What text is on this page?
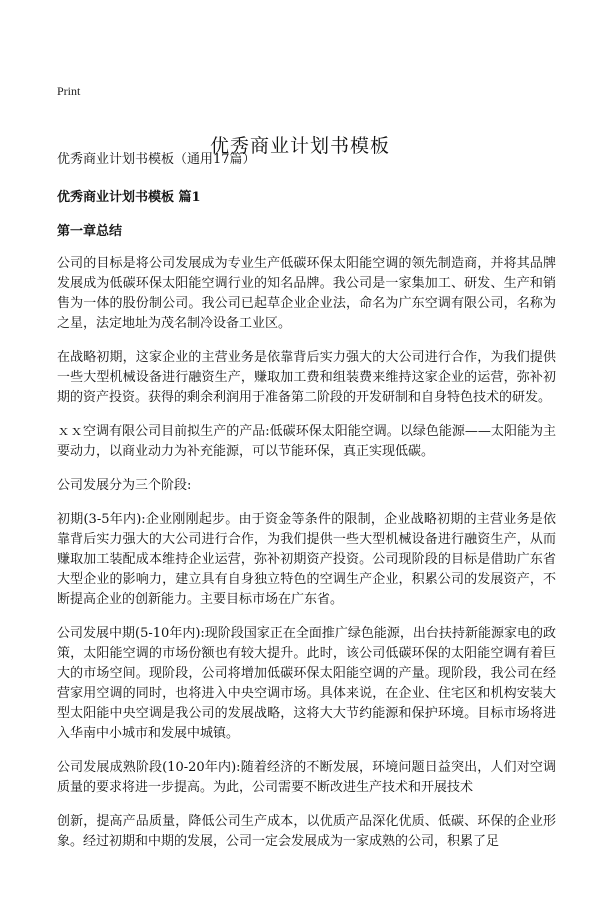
Print
优秀商业计划书模板
优秀商业计划书模板（通用17篇）
优秀商业计划书模板 篇1
第一章总结

公司的目标是将公司发展成为专业生产低碳环保太阳能空调的领先制造商，并将其品牌发展成为低碳环保太阳能空调行业的知名品牌。我公司是一家集加工、研发、生产和销售为一体的股份制公司。我公司已起草企业企业法，命名为广东空调有限公司，名称为之星，法定地址为茂名制冷设备工业区。

在战略初期，这家企业的主营业务是依靠背后实力强大的大公司进行合作，为我们提供一些大型机械设备进行融资生产，赚取加工费和组装费来维持这家企业的运营，弥补初期的资产投资。获得的剩余利润用于准备第二阶段的开发研制和自身特色技术的研发。

ｘｘ空调有限公司目前拟生产的产品:低碳环保太阳能空调。以绿色能源——太阳能为主要动力，以商业动力为补充能源，可以节能环保，真正实现低碳。

公司发展分为三个阶段:

初期(3-5年内):企业刚刚起步。由于资金等条件的限制，企业战略初期的主营业务是依靠背后实力强大的大公司进行合作，为我们提供一些大型机械设备进行融资生产，从而赚取加工装配成本维持企业运营，弥补初期资产投资。公司现阶段的目标是借助广东省大型企业的影响力，建立具有自身独立特色的空调生产企业，积累公司的发展资产，不断提高企业的创新能力。主要目标市场在广东省。

公司发展中期(5-10年内):现阶段国家正在全面推广绿色能源，出台扶持新能源家电的政策，太阳能空调的市场份额也有较大提升。此时，该公司低碳环保的太阳能空调有着巨大的市场空间。现阶段，公司将增加低碳环保太阳能空调的产量。现阶段，我公司在经营家用空调的同时，也将进入中央空调市场。具体来说，在企业、住宅区和机构安装大型太阳能中央空调是我公司的发展战略，这将大大节约能源和保护环境。目标市场将进入华南中小城市和发展中城镇。

公司发展成熟阶段(10-20年内):随着经济的不断发展，环境问题日益突出，人们对空调质量的要求将进一步提高。为此，公司需要不断改进生产技术和开展技术

创新，提高产品质量，降低公司生产成本，以优质产品深化优质、低碳、环保的企业形象。经过初期和中期的发展，公司一定会发展成为一家成熟的公司，积累了足
